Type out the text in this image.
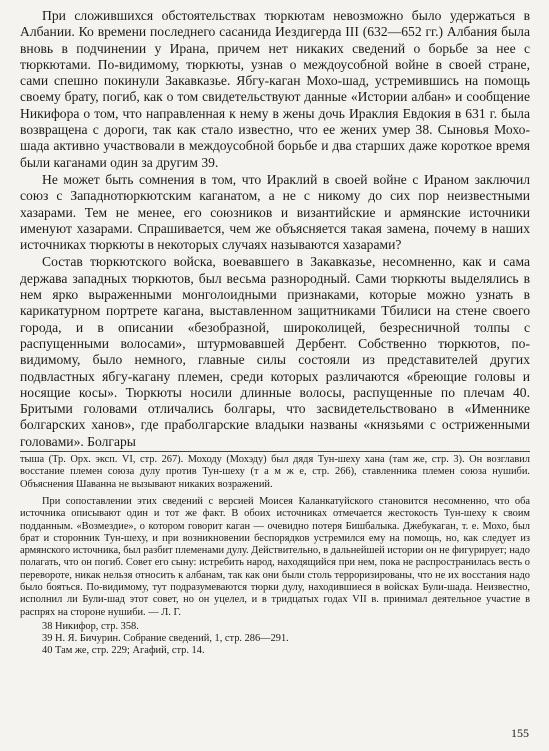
При сложившихся обстоятельствах тюркютам невозможно было удержаться в Албании. Ко времени последнего сасанида Иездигерда III (632—652 гг.) Албания была вновь в подчинении у Ирана, причем нет никаких сведений о борьбе за нее с тюркютами. По-видимому, тюркюты, узнав о междоусобной войне в своей стране, сами спешно покинули Закавказье. Ябгу-каган Мохо-шад, устремившись на помощь своему брату, погиб, как о том свидетельствуют данные «Истории албан» и сообщение Никифора о том, что направленная к нему в жены дочь Ираклия Евдокия в 631 г. была возвращена с дороги, так как стало известно, что ее жених умер 38. Сыновья Мохо-шада активно участвовали в междоусобной борьбе и два старших даже короткое время были каганами один за другим 39.

Не может быть сомнения в том, что Ираклий в своей войне с Ираном заключил союз с Западнотюркютским каганатом, а не с никому до сих пор неизвестными хазарами. Тем не менее, его союзников и византийские и армянские источники именуют хазарами. Спрашивается, чем же объясняется такая замена, почему в наших источниках тюркюты в некоторых случаях называются хазарами?

Состав тюркютского войска, воевавшего в Закавказье, несомненно, как и сама держава западных тюркютов, был весьма разнородный. Сами тюркюты выделялись в нем ярко выраженными монголоидными признаками, которые можно узнать в карикатурном портрете кагана, выставленном защитниками Тбилиси на стене своего города, и в описании «безобразной, широколицей, безресничной толпы с распущенными волосами», штурмовавшей Дербент. Собственно тюркютов, по-видимому, было немного, главные силы состояли из представителей других подвластных ябгу-кагану племен, среди которых различаются «бреющие головы и носящие косы». Тюркюты носили длинные волосы, распущенные по плечам 40. Бритыми головами отличались болгары, что засвидетельствовано в «Именнике болгарских ханов», где праболгарские владыки названы «князьями с остриженными головами». Болгары

тыша (Тр. Орх. эксп. VI, стр. 267). Моходу (Мохэду) был дядя Тун-шеху хана (там же, стр. 3). Он возглавил восстание племен союза дулу против Тун-шеху (т а м ж е, стр. 266), ставленника племен союза нушиби. Объяснения Шаванна не вызывают никаких возражений.

При сопоставлении этих сведений с версией Моисея Калaнкатуйского становится несомненно, что оба источника описывают один и тот же факт. В обоих источниках отмечается жестокость Тун-шеху к своим подданным. «Возмездие», о котором говорит каган — очевидно потеря Бишбалыка. Джебукаган, т. е. Мохо, был брат и сторонник Тун-шеху, и при возникновении беспорядков устремился ему на помощь, но, как следует из армянского источника, был разбит племенами дулу. Действительно, в дальнейшей истории он не фигурирует; надо полагать, что он погиб. Совет его сыну: истребить народ, находящийся при нем, пока не распространилась весть о перевороте, никак нельзя относить к албанам, так как они были столь терроризированы, что не их восстания надо было бояться. По-видимому, тут подразумеваются тюрки дулу, находившиеся в войсках Були-шада. Неизвестно, исполнил ли Були-шад этот совет, но он уцелел, и в тридцатых годах VII в. принимал деятельное участие в распрях на стороне нушиби. — Л. Г.

38 Никифор, стр. 358.

39 Н. Я. Бичурин. Собрание сведений, 1, стр. 286—291.

40 Там же, стр. 229; Агафий, стр. 14.

155
